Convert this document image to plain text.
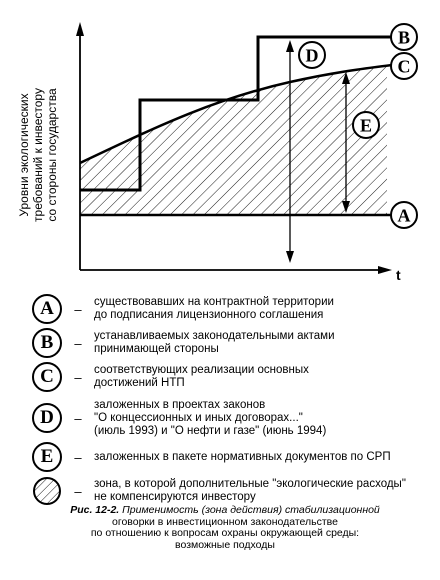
t
Уровни экологических требований к инвестору со стороны государства
D
E
B
C
A
A	–	существовавших на контрактной территории
до подписания лицензионного соглашения
B	–	устанавливаемых законодательными актами
принимающей стороны
C	–	соответствующих реализации основных
достижений НТП
D	–
заложенных в проектах законов
"О концессионных и иных договорах..."
(июль 1993) и "О нефти и газе" (июнь 1994)
E	–	заложенных в пакете нормативных документов по СРП
–	зона, в которой дополнительные "экологические расходы"
не компенсируются инвестору
Рис. 12-2. Применимость (зона действия) стабилизационной
оговорки в инвестиционном законодательстве
по отношению к вопросам охраны окружающей среды:
возможные подходы
